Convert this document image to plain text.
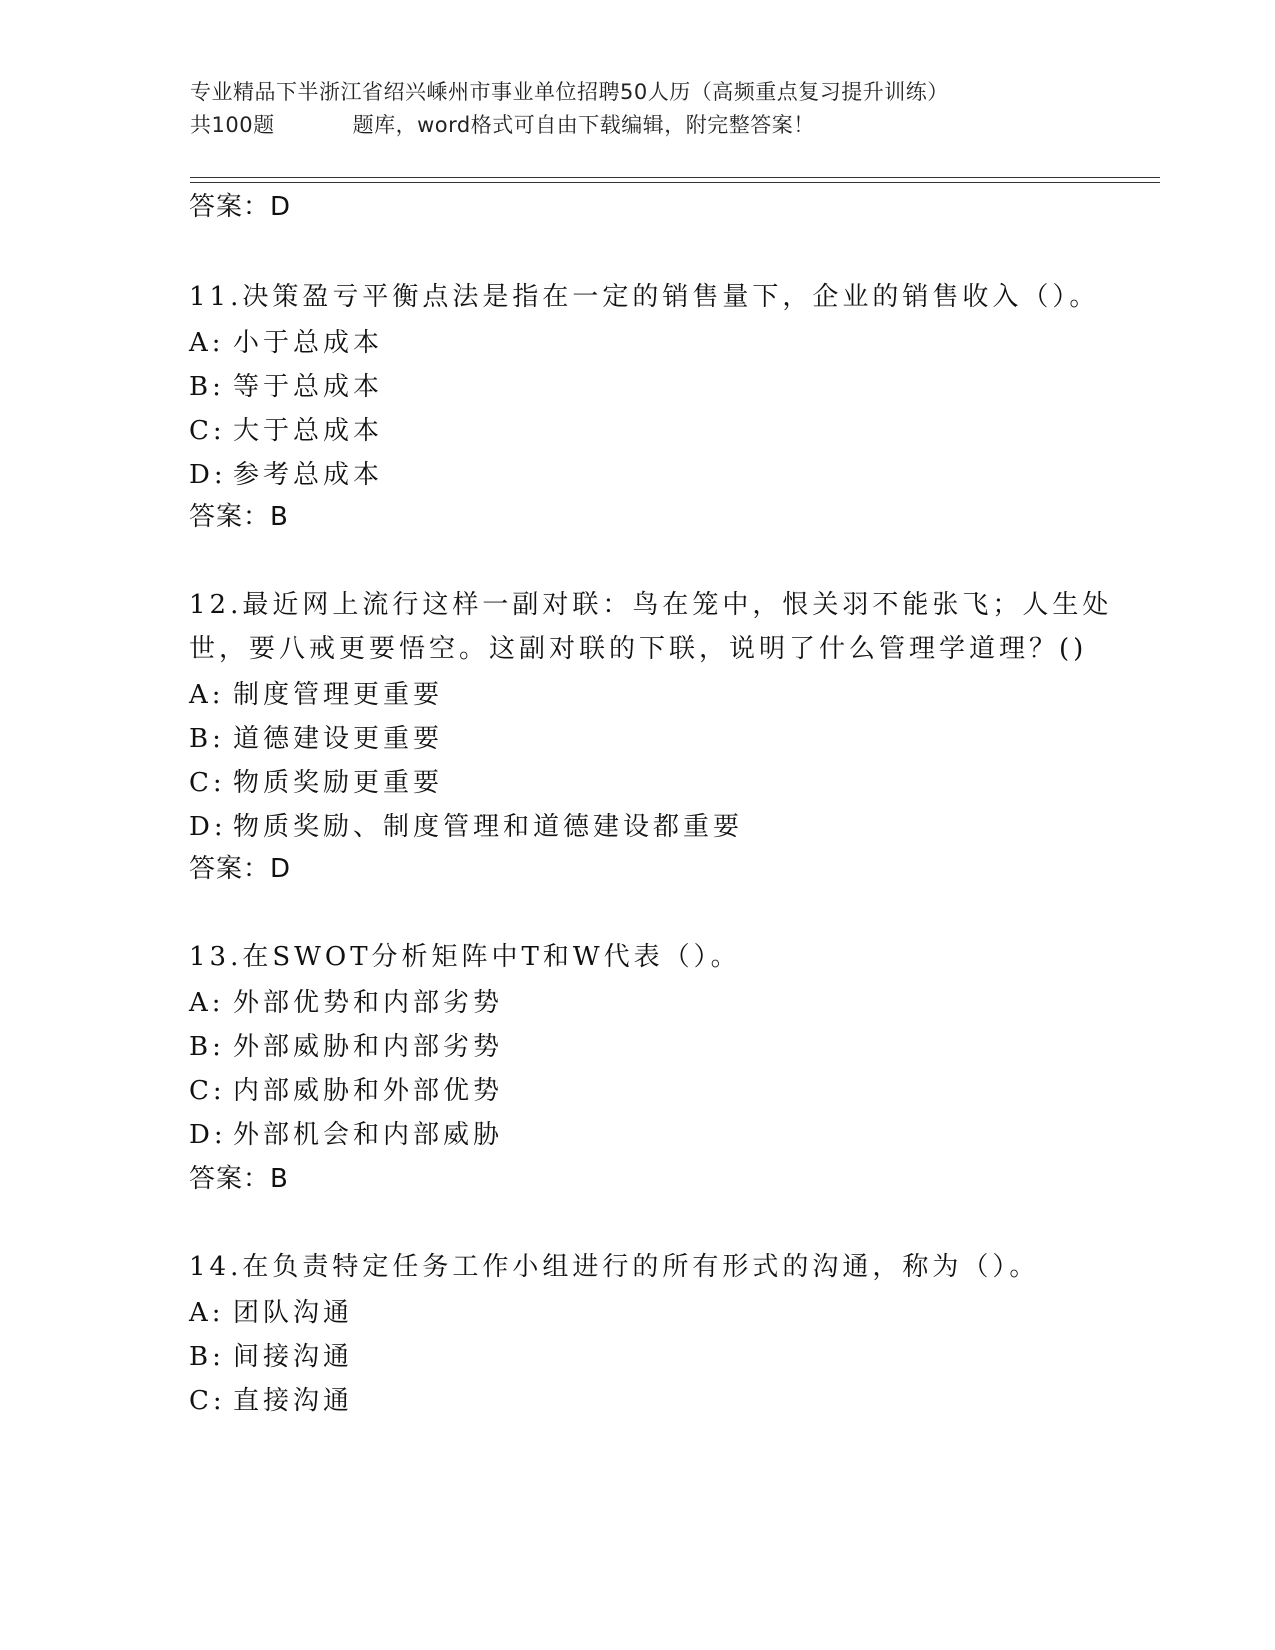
专业精品下半浙江省绍兴嵊州市事业单位招聘50人历（高频重点复习提升训练）
共100题	题库，word格式可自由下载编辑，附完整答案！
答案：D
11.决策盈亏平衡点法是指在一定的销售量下，企业的销售收入（）。
A: 小于总成本
B: 等于总成本
C: 大于总成本
D: 参考总成本
答案：B
12.最近网上流行这样一副对联：鸟在笼中，恨关羽不能张飞；人生处
世，要八戒更要悟空。这副对联的下联，说明了什么管理学道理？()
A: 制度管理更重要
B: 道德建设更重要
C: 物质奖励更重要
D: 物质奖励、制度管理和道德建设都重要
答案：D
13.在SWOT分析矩阵中T和W代表（）。
A: 外部优势和内部劣势
B: 外部威胁和内部劣势
C: 内部威胁和外部优势
D: 外部机会和内部威胁
答案：B
14.在负责特定任务工作小组进行的所有形式的沟通，称为（）。
A: 团队沟通
B: 间接沟通
C: 直接沟通
